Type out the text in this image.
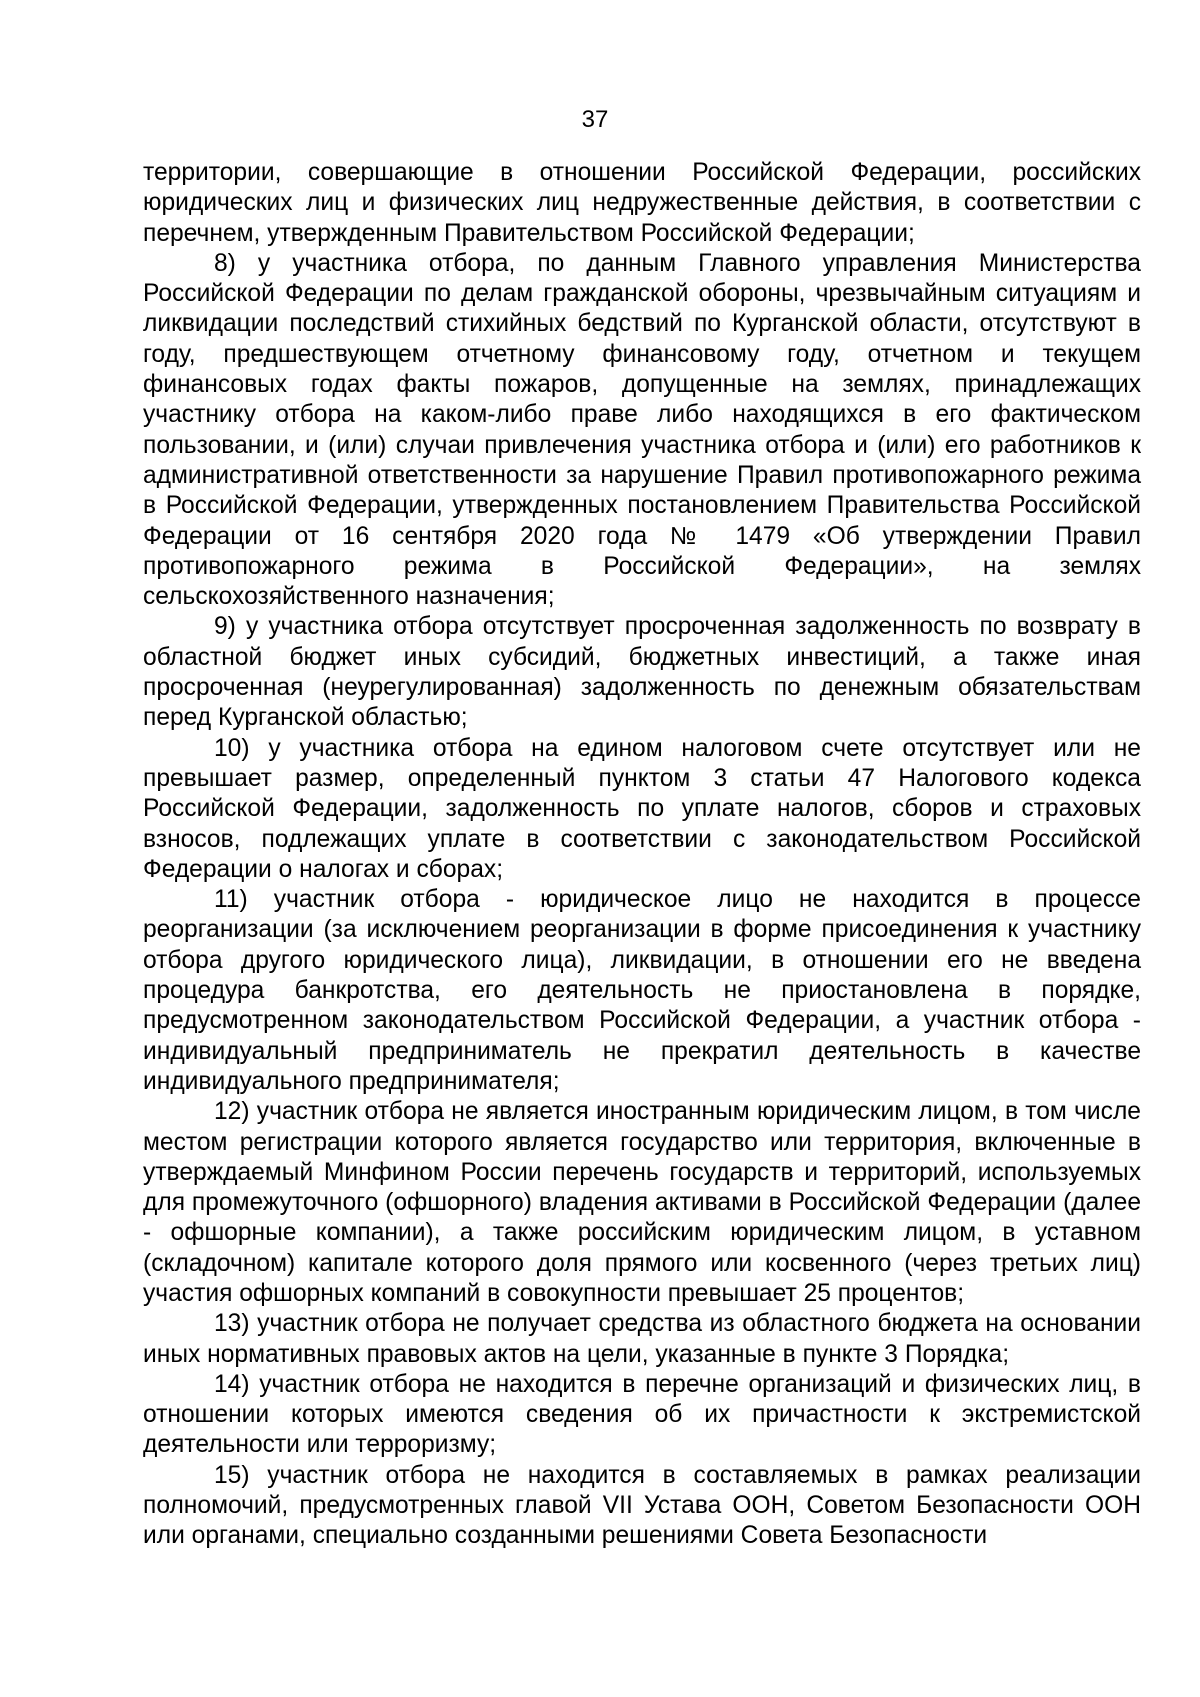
37

территории, совершающие в отношении Российской Федерации, российских юридических лиц и физических лиц недружественные действия, в соответствии с перечнем, утвержденным Правительством Российской Федерации;

8) у участника отбора, по данным Главного управления Министерства Российской Федерации по делам гражданской обороны, чрезвычайным ситуациям и ликвидации последствий стихийных бедствий по Курганской области, отсутствуют в году, предшествующем отчетному финансовому году, отчетном и текущем финансовых годах факты пожаров, допущенные на землях, принадлежащих участнику отбора на каком-либо праве либо находящихся в его фактическом пользовании, и (или) случаи привлечения участника отбора и (или) его работников к административной ответственности за нарушение Правил противопожарного режима в Российской Федерации, утвержденных постановлением Правительства Российской Федерации от 16 сентября 2020 года № 1479 «Об утверждении Правил противопожарного режима в Российской Федерации», на землях сельскохозяйственного назначения;

9) у участника отбора отсутствует просроченная задолженность по возврату в областной бюджет иных субсидий, бюджетных инвестиций, а также иная просроченная (неурегулированная) задолженность по денежным обязательствам перед Курганской областью;

10) у участника отбора на едином налоговом счете отсутствует или не превышает размер, определенный пунктом 3 статьи 47 Налогового кодекса Российской Федерации, задолженность по уплате налогов, сборов и страховых взносов, подлежащих уплате в соответствии с законодательством Российской Федерации о налогах и сборах;

11) участник отбора - юридическое лицо не находится в процессе реорганизации (за исключением реорганизации в форме присоединения к участнику отбора другого юридического лица), ликвидации, в отношении его не введена процедура банкротства, его деятельность не приостановлена в порядке, предусмотренном законодательством Российской Федерации, а участник отбора - индивидуальный предприниматель не прекратил деятельность в качестве индивидуального предпринимателя;

12) участник отбора не является иностранным юридическим лицом, в том числе местом регистрации которого является государство или территория, включенные в утверждаемый Минфином России перечень государств и территорий, используемых для промежуточного (офшорного) владения активами в Российской Федерации (далее - офшорные компании), а также российским юридическим лицом, в уставном (складочном) капитале которого доля прямого или косвенного (через третьих лиц) участия офшорных компаний в совокупности превышает 25 процентов;

13) участник отбора не получает средства из областного бюджета на основании иных нормативных правовых актов на цели, указанные в пункте 3 Порядка;

14) участник отбора не находится в перечне организаций и физических лиц, в отношении которых имеются сведения об их причастности к экстремистской деятельности или терроризму;

15) участник отбора не находится в составляемых в рамках реализации полномочий, предусмотренных главой VII Устава ООН, Советом Безопасности ООН или органами, специально созданными решениями Совета Безопасности
